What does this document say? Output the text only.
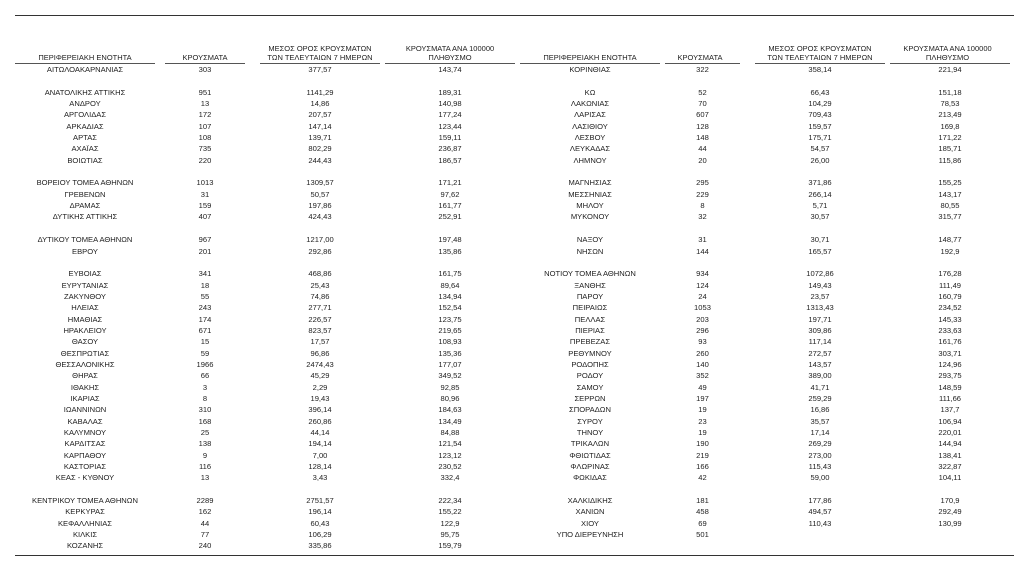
ΠΕΡΙΦΕΡΕΙΑΚΗ ΕΝΟΤΗΤΑ	ΚΡΟΥΣΜΑΤΑ
ΜΕΣΟΣ ΟΡΟΣ ΚΡΟΥΣΜΑΤΩΝ
ΤΩΝ ΤΕΛΕΥΤΑΙΩΝ 7 ΗΜΕΡΩΝ
ΚΡΟΥΣΜΑΤΑ ΑΝΑ 100000
ΠΛΗΘΥΣΜΟ
ΑΙΤΩΛΟΑΚΑΡΝΑΝΙΑΣ	303	377,57	143,74
ΑΝΑΤΟΛΙΚΗΣ ΑΤΤΙΚΗΣ	951	1141,29	189,31
ΑΝΔΡΟΥ	13	14,86	140,98
ΑΡΓΟΛΙΔΑΣ	172	207,57	177,24
ΑΡΚΑΔΙΑΣ	107	147,14	123,44
ΑΡΤΑΣ	108	139,71	159,11
ΑΧΑΪΑΣ	735	802,29	236,87
ΒΟΙΩΤΙΑΣ	220	244,43	186,57
ΒΟΡΕΙΟΥ ΤΟΜΕΑ ΑΘΗΝΩΝ	1013	1309,57	171,21
ΓΡΕΒΕΝΩΝ	31	50,57	97,62
ΔΡΑΜΑΣ	159	197,86	161,77
ΔΥΤΙΚΗΣ ΑΤΤΙΚΗΣ	407	424,43	252,91
ΔΥΤΙΚΟΥ ΤΟΜΕΑ ΑΘΗΝΩΝ	967	1217,00	197,48
ΕΒΡΟΥ	201	292,86	135,86
ΕΥΒΟΙΑΣ	341	468,86	161,75
ΕΥΡΥΤΑΝΙΑΣ	18	25,43	89,64
ΖΑΚΥΝΘΟΥ	55	74,86	134,94
ΗΛΕΙΑΣ	243	277,71	152,54
ΗΜΑΘΙΑΣ	174	226,57	123,75
ΗΡΑΚΛΕΙΟΥ	671	823,57	219,65
ΘΑΣΟΥ	15	17,57	108,93
ΘΕΣΠΡΩΤΙΑΣ	59	96,86	135,36
ΘΕΣΣΑΛΟΝΙΚΗΣ	1966	2474,43	177,07
ΘΗΡΑΣ	66	45,29	349,52
ΙΘΑΚΗΣ	3	2,29	92,85
ΙΚΑΡΙΑΣ	8	19,43	80,96
ΙΩΑΝΝΙΝΩΝ	310	396,14	184,63
ΚΑΒΑΛΑΣ	168	260,86	134,49
ΚΑΛΥΜΝΟΥ	25	44,14	84,88
ΚΑΡΔΙΤΣΑΣ	138	194,14	121,54
ΚΑΡΠΑΘΟΥ	9	7,00	123,12
ΚΑΣΤΟΡΙΑΣ	116	128,14	230,52
ΚΕΑΣ - ΚΥΘΝΟΥ	13	3,43	332,4
ΚΕΝΤΡΙΚΟΥ ΤΟΜΕΑ ΑΘΗΝΩΝ	2289	2751,57	222,34
ΚΕΡΚΥΡΑΣ	162	196,14	155,22
ΚΕΦΑΛΛΗΝΙΑΣ	44	60,43	122,9
ΚΙΛΚΙΣ	77	106,29	95,75
ΚΟΖΑΝΗΣ	240	335,86	159,79
ΠΕΡΙΦΕΡΕΙΑΚΗ ΕΝΟΤΗΤΑ	ΚΡΟΥΣΜΑΤΑ
ΜΕΣΟΣ ΟΡΟΣ ΚΡΟΥΣΜΑΤΩΝ
ΤΩΝ ΤΕΛΕΥΤΑΙΩΝ 7 ΗΜΕΡΩΝ
ΚΡΟΥΣΜΑΤΑ ΑΝΑ 100000
ΠΛΗΘΥΣΜΟ
ΚΟΡΙΝΘΙΑΣ	322	358,14	221,94
ΚΩ	52	66,43	151,18
ΛΑΚΩΝΙΑΣ	70	104,29	78,53
ΛΑΡΙΣΑΣ	607	709,43	213,49
ΛΑΣΙΘΙΟΥ	128	159,57	169,8
ΛΕΣΒΟΥ	148	175,71	171,22
ΛΕΥΚΑΔΑΣ	44	54,57	185,71
ΛΗΜΝΟΥ	20	26,00	115,86
ΜΑΓΝΗΣΙΑΣ	295	371,86	155,25
ΜΕΣΣΗΝΙΑΣ	229	266,14	143,17
ΜΗΛΟΥ	8	5,71	80,55
ΜΥΚΟΝΟΥ	32	30,57	315,77
ΝΑΞΟΥ	31	30,71	148,77
ΝΗΣΩΝ	144	165,57	192,9
ΝΟΤΙΟΥ ΤΟΜΕΑ ΑΘΗΝΩΝ	934	1072,86	176,28
ΞΑΝΘΗΣ	124	149,43	111,49
ΠΑΡΟΥ	24	23,57	160,79
ΠΕΙΡΑΙΩΣ	1053	1313,43	234,52
ΠΕΛΛΑΣ	203	197,71	145,33
ΠΙΕΡΙΑΣ	296	309,86	233,63
ΠΡΕΒΕΖΑΣ	93	117,14	161,76
ΡΕΘΥΜΝΟΥ	260	272,57	303,71
ΡΟΔΟΠΗΣ	140	143,57	124,96
ΡΟΔΟΥ	352	389,00	293,75
ΣΑΜΟΥ	49	41,71	148,59
ΣΕΡΡΩΝ	197	259,29	111,66
ΣΠΟΡΑΔΩΝ	19	16,86	137,7
ΣΥΡΟΥ	23	35,57	106,94
ΤΗΝΟΥ	19	17,14	220,01
ΤΡΙΚΑΛΩΝ	190	269,29	144,94
ΦΘΙΩΤΙΔΑΣ	219	273,00	138,41
ΦΛΩΡΙΝΑΣ	166	115,43	322,87
ΦΩΚΙΔΑΣ	42	59,00	104,11
ΧΑΛΚΙΔΙΚΗΣ	181	177,86	170,9
ΧΑΝΙΩΝ	458	494,57	292,49
ΧΙΟΥ	69	110,43	130,99
ΥΠΟ ΔΙΕΡΕΥΝΗΣΗ	501
